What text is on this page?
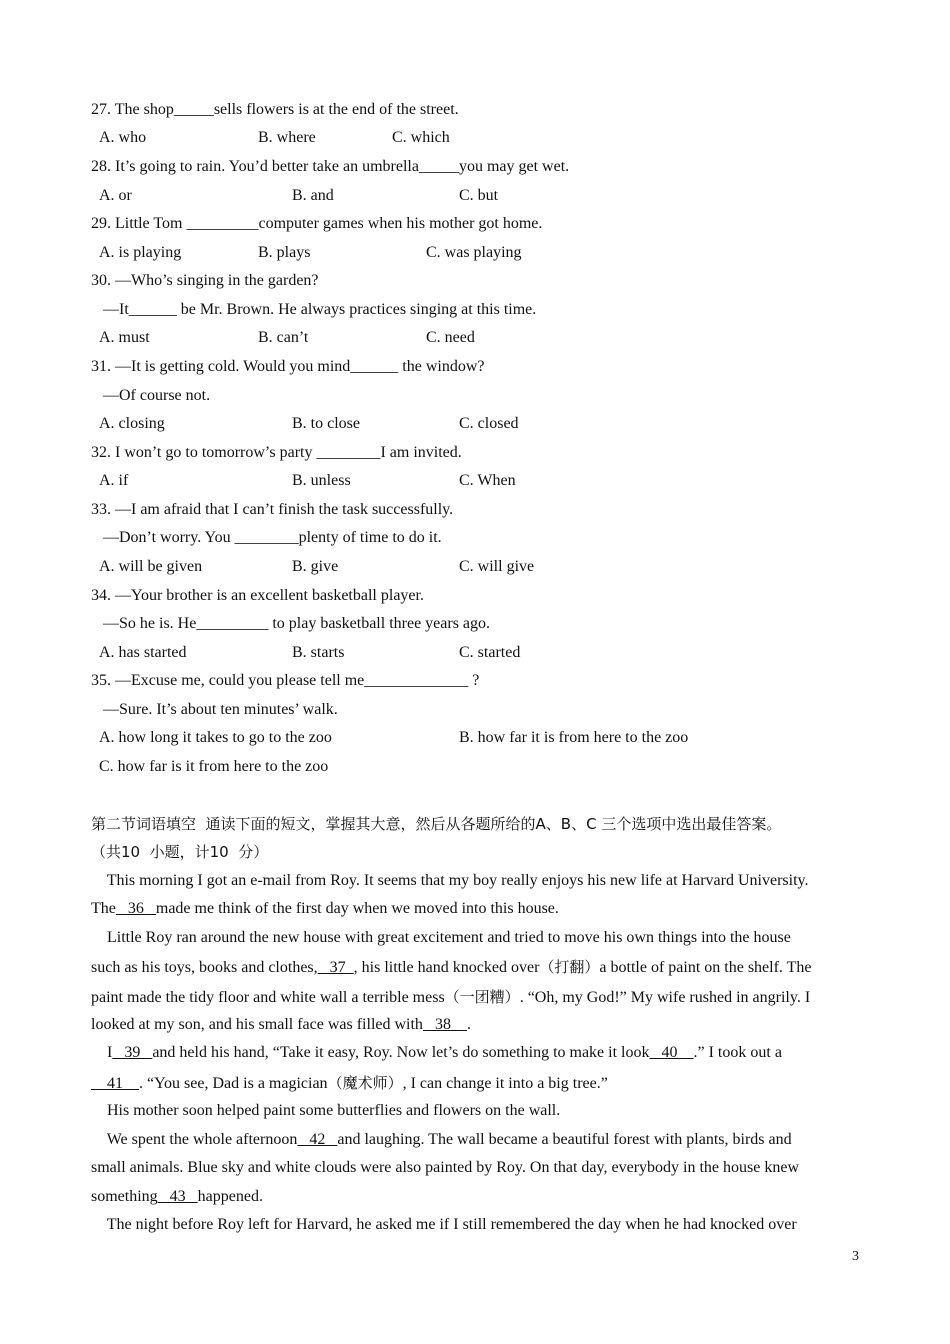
27. The shop_____sells flowers is at the end of the street.
A. who	B. where	C. which
28. It’s going to rain. You’d better take an umbrella_____you may get wet.
A. or	B. and	C. but
29. Little Tom _________computer games when his mother got home.
A. is playing	B. plays	C. was playing
30. —Who’s singing in the garden?
—It______ be Mr. Brown. He always practices singing at this time.
A. must	B. can’t	C. need
31. —It is getting cold. Would you mind______ the window?
—Of course not.
A. closing	B. to close	C. closed
32. I won’t go to tomorrow’s party ________I am invited.
A. if	B. unless	C. When
33. —I am afraid that I can’t finish the task successfully.
—Don’t worry. You ________plenty of time to do it.
A. will be given	B. give	C. will give
34. —Your brother is an excellent basketball player.
—So he is. He_________ to play basketball three years ago.
A. has started	B. starts	C. started
35. —Excuse me, could you please tell me_____________ ?
—Sure. It’s about ten minutes’ walk.
A. how long it takes to go to the zoo	B. how far it is from here to the zoo
C. how far is it from here to the zoo
第二节词语填空  通读下面的短文，掌握其大意，然后从各题所给的A、B、C 三个选项中选出最佳答案。
（共10  小题，计10  分）
This morning I got an e-mail from Roy. It seems that my boy really enjoys his new life at Harvard University.
The   36   made me think of the first day when we moved into this house.
Little Roy ran around the new house with great excitement and tried to move his own things into the house
such as his toys, books and clothes,   37  , his little hand knocked over（打翻）a bottle of paint on the shelf. The
paint made the tidy floor and white wall a terrible mess（一团糟）. “Oh, my God!” My wife rushed in angrily. I
looked at my son, and his small face was filled with   38    .
I   39   and held his hand, “Take it easy, Roy. Now let’s do something to make it look   40    .” I took out a
41    . “You see, Dad is a magician（魔术师）, I can change it into a big tree.”
His mother soon helped paint some butterflies and flowers on the wall.
We spent the whole afternoon   42   and laughing. The wall became a beautiful forest with plants, birds and
small animals. Blue sky and white clouds were also painted by Roy. On that day, everybody in the house knew
something   43   happened.
The night before Roy left for Harvard, he asked me if I still remembered the day when he had knocked over
3
